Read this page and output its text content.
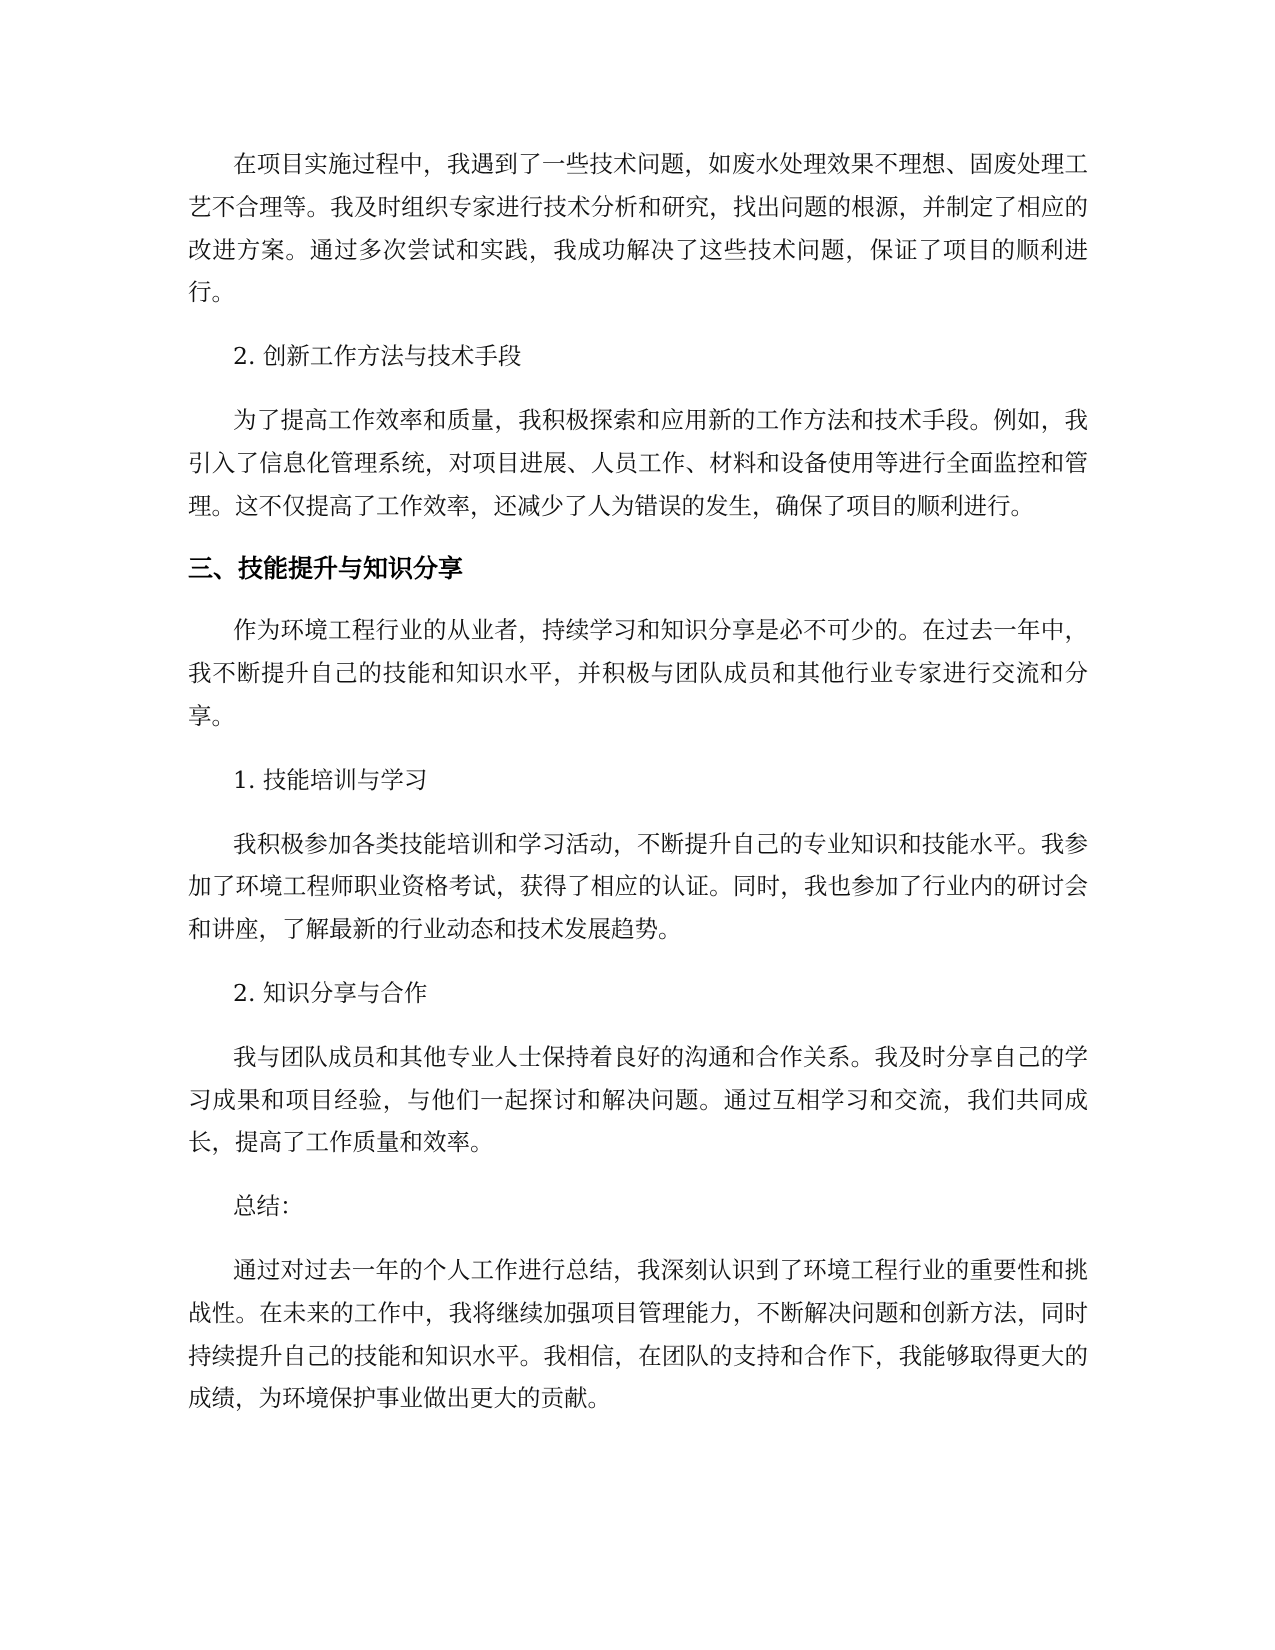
在项目实施过程中，我遇到了一些技术问题，如废水处理效果不理想、固废处理工艺不合理等。我及时组织专家进行技术分析和研究，找出问题的根源，并制定了相应的改进方案。通过多次尝试和实践，我成功解决了这些技术问题，保证了项目的顺利进行。

2. 创新工作方法与技术手段

为了提高工作效率和质量，我积极探索和应用新的工作方法和技术手段。例如，我引入了信息化管理系统，对项目进展、人员工作、材料和设备使用等进行全面监控和管理。这不仅提高了工作效率，还减少了人为错误的发生，确保了项目的顺利进行。

三、技能提升与知识分享

作为环境工程行业的从业者，持续学习和知识分享是必不可少的。在过去一年中，我不断提升自己的技能和知识水平，并积极与团队成员和其他行业专家进行交流和分享。

1. 技能培训与学习

我积极参加各类技能培训和学习活动，不断提升自己的专业知识和技能水平。我参加了环境工程师职业资格考试，获得了相应的认证。同时，我也参加了行业内的研讨会和讲座，了解最新的行业动态和技术发展趋势。

2. 知识分享与合作

我与团队成员和其他专业人士保持着良好的沟通和合作关系。我及时分享自己的学习成果和项目经验，与他们一起探讨和解决问题。通过互相学习和交流，我们共同成长，提高了工作质量和效率。

总结：

通过对过去一年的个人工作进行总结，我深刻认识到了环境工程行业的重要性和挑战性。在未来的工作中，我将继续加强项目管理能力，不断解决问题和创新方法，同时持续提升自己的技能和知识水平。我相信，在团队的支持和合作下，我能够取得更大的成绩，为环境保护事业做出更大的贡献。
